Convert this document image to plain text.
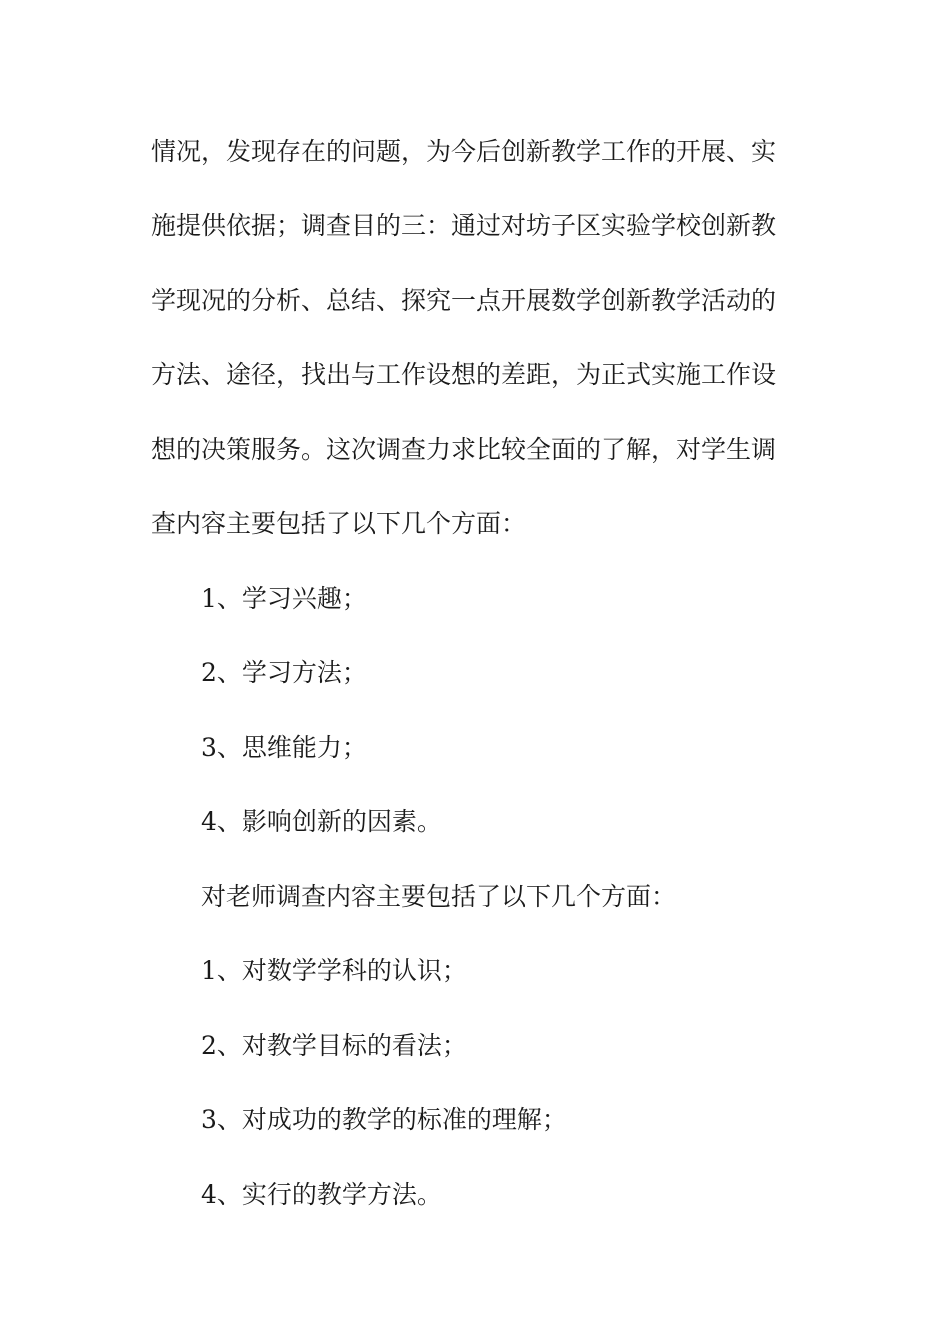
情况，发现存在的问题，为今后创新教学工作的开展、实
施提供依据；调查目的三：通过对坊子区实验学校创新教
学现况的分析、总结、探究一点开展数学创新教学活动的
方法、途径，找出与工作设想的差距，为正式实施工作设
想的决策服务。这次调查力求比较全面的了解，对学生调
查内容主要包括了以下几个方面：
1、学习兴趣；
2、学习方法；
3、思维能力；
4、影响创新的因素。
对老师调查内容主要包括了以下几个方面：
1、对数学学科的认识；
2、对教学目标的看法；
3、对成功的教学的标准的理解；
4、实行的教学方法。
